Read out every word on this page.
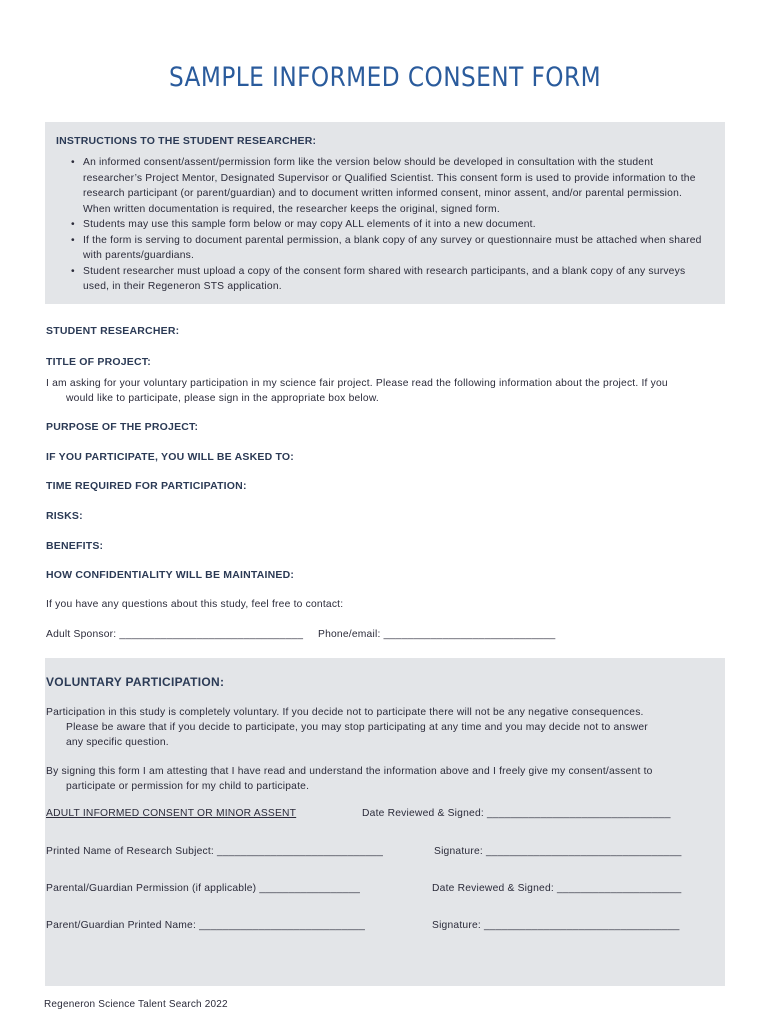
SAMPLE INFORMED CONSENT FORM
INSTRUCTIONS TO THE STUDENT RESEARCHER:
• An informed consent/assent/permission form like the version below should be developed in consultation with the student researcher’s Project Mentor, Designated Supervisor or Qualified Scientist. This consent form is used to provide information to the research participant (or parent/guardian) and to document written informed consent, minor assent, and/or parental permission. When written documentation is required, the researcher keeps the original, signed form.
• Students may use this sample form below or may copy ALL elements of it into a new document.
• If the form is serving to document parental permission, a blank copy of any survey or questionnaire must be attached when shared with parents/guardians.
• Student researcher must upload a copy of the consent form shared with research participants, and a blank copy of any surveys used, in their Regeneron STS application.
STUDENT RESEARCHER:
TITLE OF PROJECT:
I am asking for your voluntary participation in my science fair project. Please read the following information about the project. If you
would like to participate, please sign in the appropriate box below.
PURPOSE OF THE PROJECT:
IF YOU PARTICIPATE, YOU WILL BE ASKED TO:
TIME REQUIRED FOR PARTICIPATION:
RISKS:
BENEFITS:
HOW CONFIDENTIALITY WILL BE MAINTAINED:
If you have any questions about this study, feel free to contact:
Adult Sponsor: _______________________________ Phone/email: _____________________________
VOLUNTARY PARTICIPATION:
Participation in this study is completely voluntary. If you decide not to participate there will not be any negative consequences.
Please be aware that if you decide to participate, you may stop participating at any time and you may decide not to answer
any specific question.
By signing this form I am attesting that I have read and understand the information above and I freely give my consent/assent to
participate or permission for my child to participate.
ADULT INFORMED CONSENT OR MINOR ASSENT	Date Reviewed & Signed: _______________________________
Printed Name of Research Subject: ____________________________	Signature: _________________________________
Parental/Guardian Permission (if applicable) _________________	Date Reviewed & Signed: _____________________
Parent/Guardian Printed Name: ____________________________	Signature: _________________________________
Regeneron Science Talent Search 2022
